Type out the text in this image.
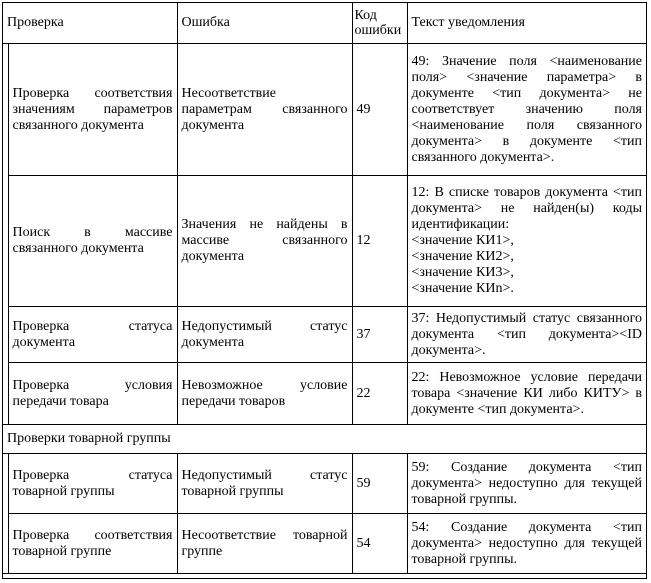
Проверка		Ошибка	Код ошибки	Текст уведомления
	Проверка соответствия значениям параметров связанного документа	Несоответствие параметрам связанного документа	49	49: Значение поля <наименование поля> <значение параметра> в документе <тип документа> не соответствует значению поля <наименование поля связанного документа> в документе <тип связанного документа>.
	Поиск в массиве связанного документа	Значения не найдены в массиве связанного документа	12	12: В списке товаров документа <тип документа> не найден(ы) коды идентификации:
<значение КИ1>,
<значение КИ2>,
<значение КИ3>,
<значение КИn>.

	Проверка статуса документа	Недопустимый статус документа	37	37: Недопустимый статус связанного документа <тип документа><ID документа>.
	Проверка условия передачи товара	Невозможное условие передачи товаров	22	22: Невозможное условие передачи товара <значение КИ либо КИТУ> в документе <тип документа>.
Проверки товарной группы				
	Проверка статуса товарной группы	Недопустимый статус товарной группы	59	59: Создание документа <тип документа> недоступно для текущей товарной группы.
	Проверка соответствия товарной группе	Несоответствие товарной группе	54	54: Создание документа <тип документа> недоступно для текущей товарной группы.
